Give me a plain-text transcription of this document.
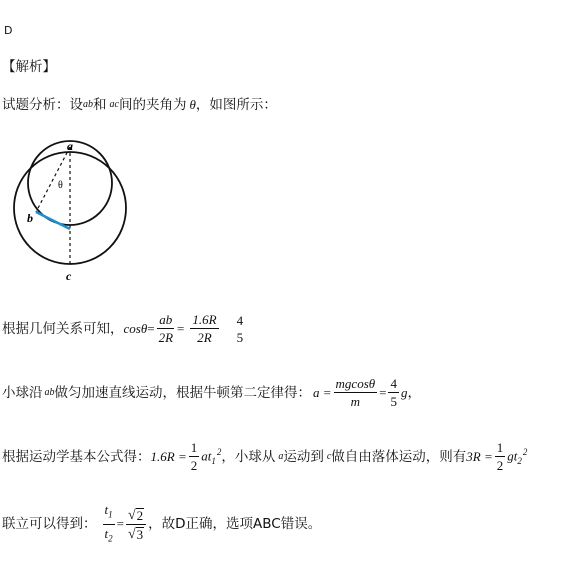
D
【解析】
试题分析：设 ab 和 ac 间的夹角为 θ ，如图所示：
a
b
c
θ
根据几何关系可知， $\cos\theta = \frac{ab}{2R} = \frac{1.6R}{2R} 4$
5
小球沿 ab 做匀加速直线运动，根据牛顿第二定律得： $a = \frac{mgcos\theta}{m} = \frac{4}{5}$ g ，
根据运动学基本公式得： $1.6R = \frac{1}{2} at_1^2$ ，小球从 a 运动到 c 做自由落体运动，则有 $3R = \frac{1}{2} gt_2^2$
联立可以得到： $\frac{t_1}{t_2} = \frac{√ 2}{√ 3}$ ，故D正确，选项ABC错误。
